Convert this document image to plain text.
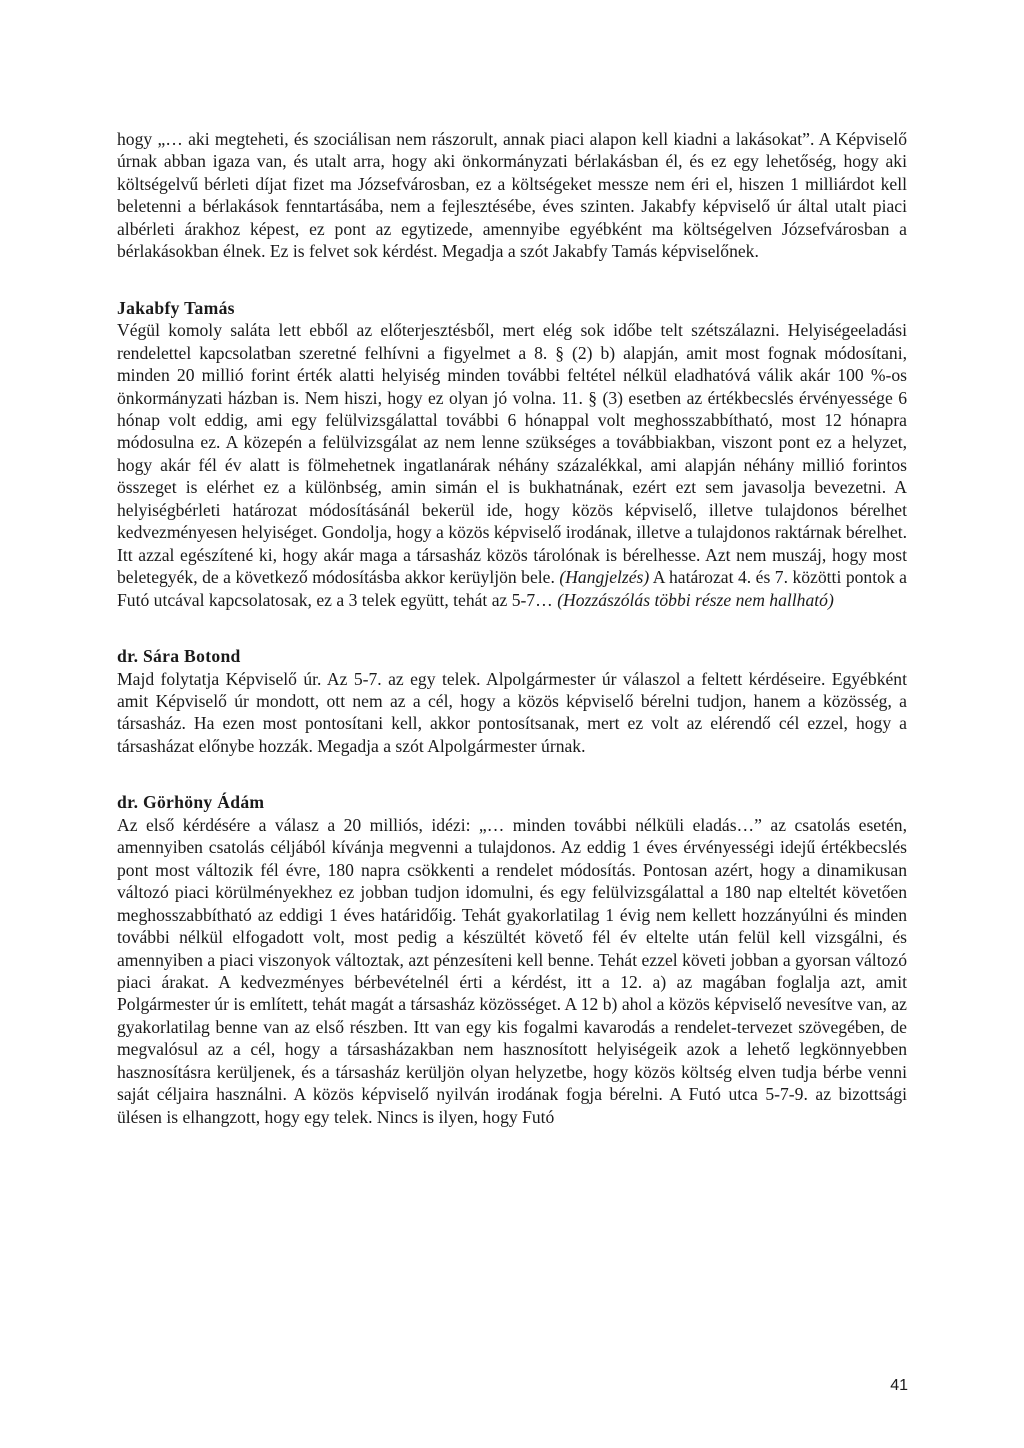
hogy „… aki megteheti, és szociálisan nem rászorult, annak piaci alapon kell kiadni a lakásokat”. A Képviselő úrnak abban igaza van, és utalt arra, hogy aki önkormányzati bérlakásban él, és ez egy lehetőség, hogy aki költségelvű bérleti díjat fizet ma Józsefvárosban, ez a költségeket messze nem éri el, hiszen 1 milliárdot kell beletenni a bérlakások fenntartásába, nem a fejlesztésébe, éves szinten. Jakabfy képviselő úr által utalt piaci albérleti árakhoz képest, ez pont az egytizede, amennyibe egyébként ma költségelven Józsefvárosban a bérlakásokban élnek. Ez is felvet sok kérdést. Megadja a szót Jakabfy Tamás képviselőnek.

Jakabfy Tamás

Végül komoly saláta lett ebből az előterjesztésből, mert elég sok időbe telt szétszálazni. Helyiségeeladási rendelettel kapcsolatban szeretné felhívni a figyelmet a 8. § (2) b) alapján, amit most fognak módosítani, minden 20 millió forint érték alatti helyiség minden további feltétel nélkül eladhatóvá válik akár 100 %-os önkormányzati házban is. Nem hiszi, hogy ez olyan jó volna. 11. § (3) esetben az értékbecslés érvényessége 6 hónap volt eddig, ami egy felülvizsgálattal további 6 hónappal volt meghosszabbítható, most 12 hónapra módosulna ez. A közepén a felülvizsgálat az nem lenne szükséges a továbbiakban, viszont pont ez a helyzet, hogy akár fél év alatt is fölmehetnek ingatlanárak néhány százalékkal, ami alapján néhány millió forintos összeget is elérhet ez a különbség, amin simán el is bukhatnának, ezért ezt sem javasolja bevezetni. A helyiségbérleti határozat módosításánál bekerül ide, hogy közös képviselő, illetve tulajdonos bérelhet kedvezményesen helyiséget. Gondolja, hogy a közös képviselő irodának, illetve a tulajdonos raktárnak bérelhet. Itt azzal egészítené ki, hogy akár maga a társasház közös tárolónak is bérelhesse. Azt nem muszáj, hogy most beletegyék, de a következő módosításba akkor kerüyljön bele. (Hangjelzés) A határozat 4. és 7. közötti pontok a Futó utcával kapcsolatosak, ez a 3 telek együtt, tehát az 5-7… (Hozzászólás többi része nem hallható)

dr. Sára Botond

Majd folytatja Képviselő úr. Az 5-7. az egy telek. Alpolgármester úr válaszol a feltett kérdéseire. Egyébként amit Képviselő úr mondott, ott nem az a cél, hogy a közös képviselő bérelni tudjon, hanem a közösség, a társasház. Ha ezen most pontosítani kell, akkor pontosítsanak, mert ez volt az elérendő cél ezzel, hogy a társasházat előnybe hozzák. Megadja a szót Alpolgármester úrnak.

dr. Görhöny Ádám

Az első kérdésére a válasz a 20 milliós, idézi: „… minden további nélküli eladás…” az csatolás esetén, amennyiben csatolás céljából kívánja megvenni a tulajdonos. Az eddig 1 éves érvényességi idejű értékbecslés pont most változik fél évre, 180 napra csökkenti a rendelet módosítás. Pontosan azért, hogy a dinamikusan változó piaci körülményekhez ez jobban tudjon idomulni, és egy felülvizsgálattal a 180 nap elteltét követően meghosszabbítható az eddigi 1 éves határidőig. Tehát gyakorlatilag 1 évig nem kellett hozzányúlni és minden további nélkül elfogadott volt, most pedig a készültét követő fél év eltelte után felül kell vizsgálni, és amennyiben a piaci viszonyok változtak, azt pénzesíteni kell benne. Tehát ezzel követi jobban a gyorsan változó piaci árakat. A kedvezményes bérbevételnél érti a kérdést, itt a 12. a) az magában foglalja azt, amit Polgármester úr is említett, tehát magát a társasház közösséget. A 12 b) ahol a közös képviselő nevesítve van, az gyakorlatilag benne van az első részben. Itt van egy kis fogalmi kavarodás a rendelet-tervezet szövegében, de megvalósul az a cél, hogy a társasházakban nem hasznosított helyiségeik azok a lehető legkönnyebben hasznosításra kerüljenek, és a társasház kerüljön olyan helyzetbe, hogy közös költség elven tudja bérbe venni saját céljaira használni. A közös képviselő nyilván irodának fogja bérelni. A Futó utca 5-7-9. az bizottsági ülésen is elhangzott, hogy egy telek. Nincs is ilyen, hogy Futó

41
